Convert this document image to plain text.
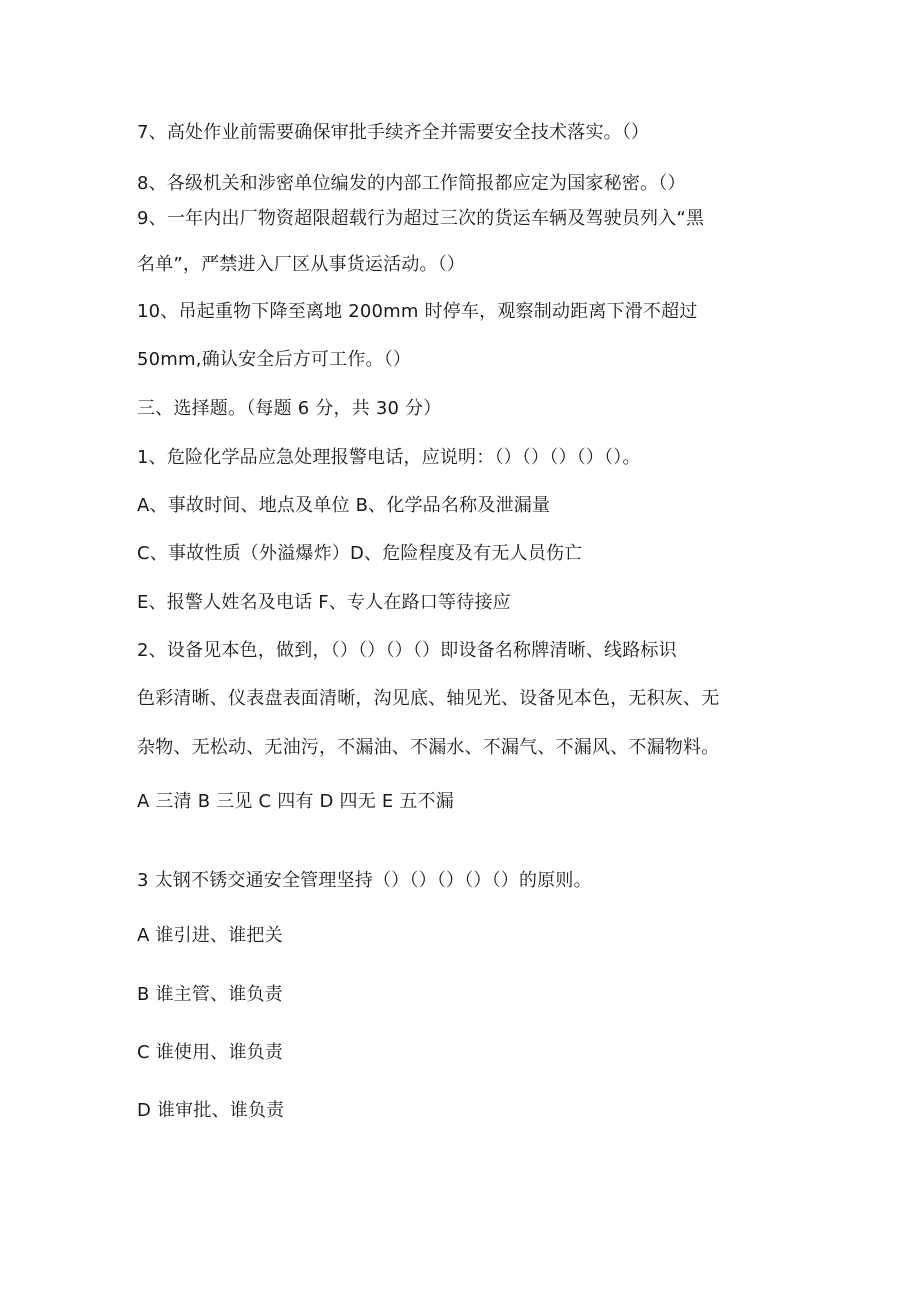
7、高处作业前需要确保审批手续齐全并需要安全技术落实。（）
8、各级机关和涉密单位编发的内部工作简报都应定为国家秘密。（）
9、一年内出厂物资超限超载行为超过三次的货运车辆及驾驶员列入“黑
名单”，严禁进入厂区从事货运活动。（）
10、吊起重物下降至离地 200mm 时停车，观察制动距离下滑不超过
50mm,确认安全后方可工作。（）
三、选择题。（每题 6 分，共 30 分）
1、危险化学品应急处理报警电话，应说明：（）（）（）（）（）。
A、事故时间、地点及单位 B、化学品名称及泄漏量
C、事故性质（外溢爆炸）D、危险程度及有无人员伤亡
E、报警人姓名及电话 F、专人在路口等待接应
2、设备见本色，做到，（）（）（）（）即设备名称牌清晰、线路标识
色彩清晰、仪表盘表面清晰，沟见底、轴见光、设备见本色，无积灰、无
杂物、无松动、无油污，不漏油、不漏水、不漏气、不漏风、不漏物料。
A 三清 B 三见 C 四有 D 四无 E 五不漏
3 太钢不锈交通安全管理坚持（）（）（）（）（）的原则。
A 谁引进、谁把关
B 谁主管、谁负责
C 谁使用、谁负责
D 谁审批、谁负责
